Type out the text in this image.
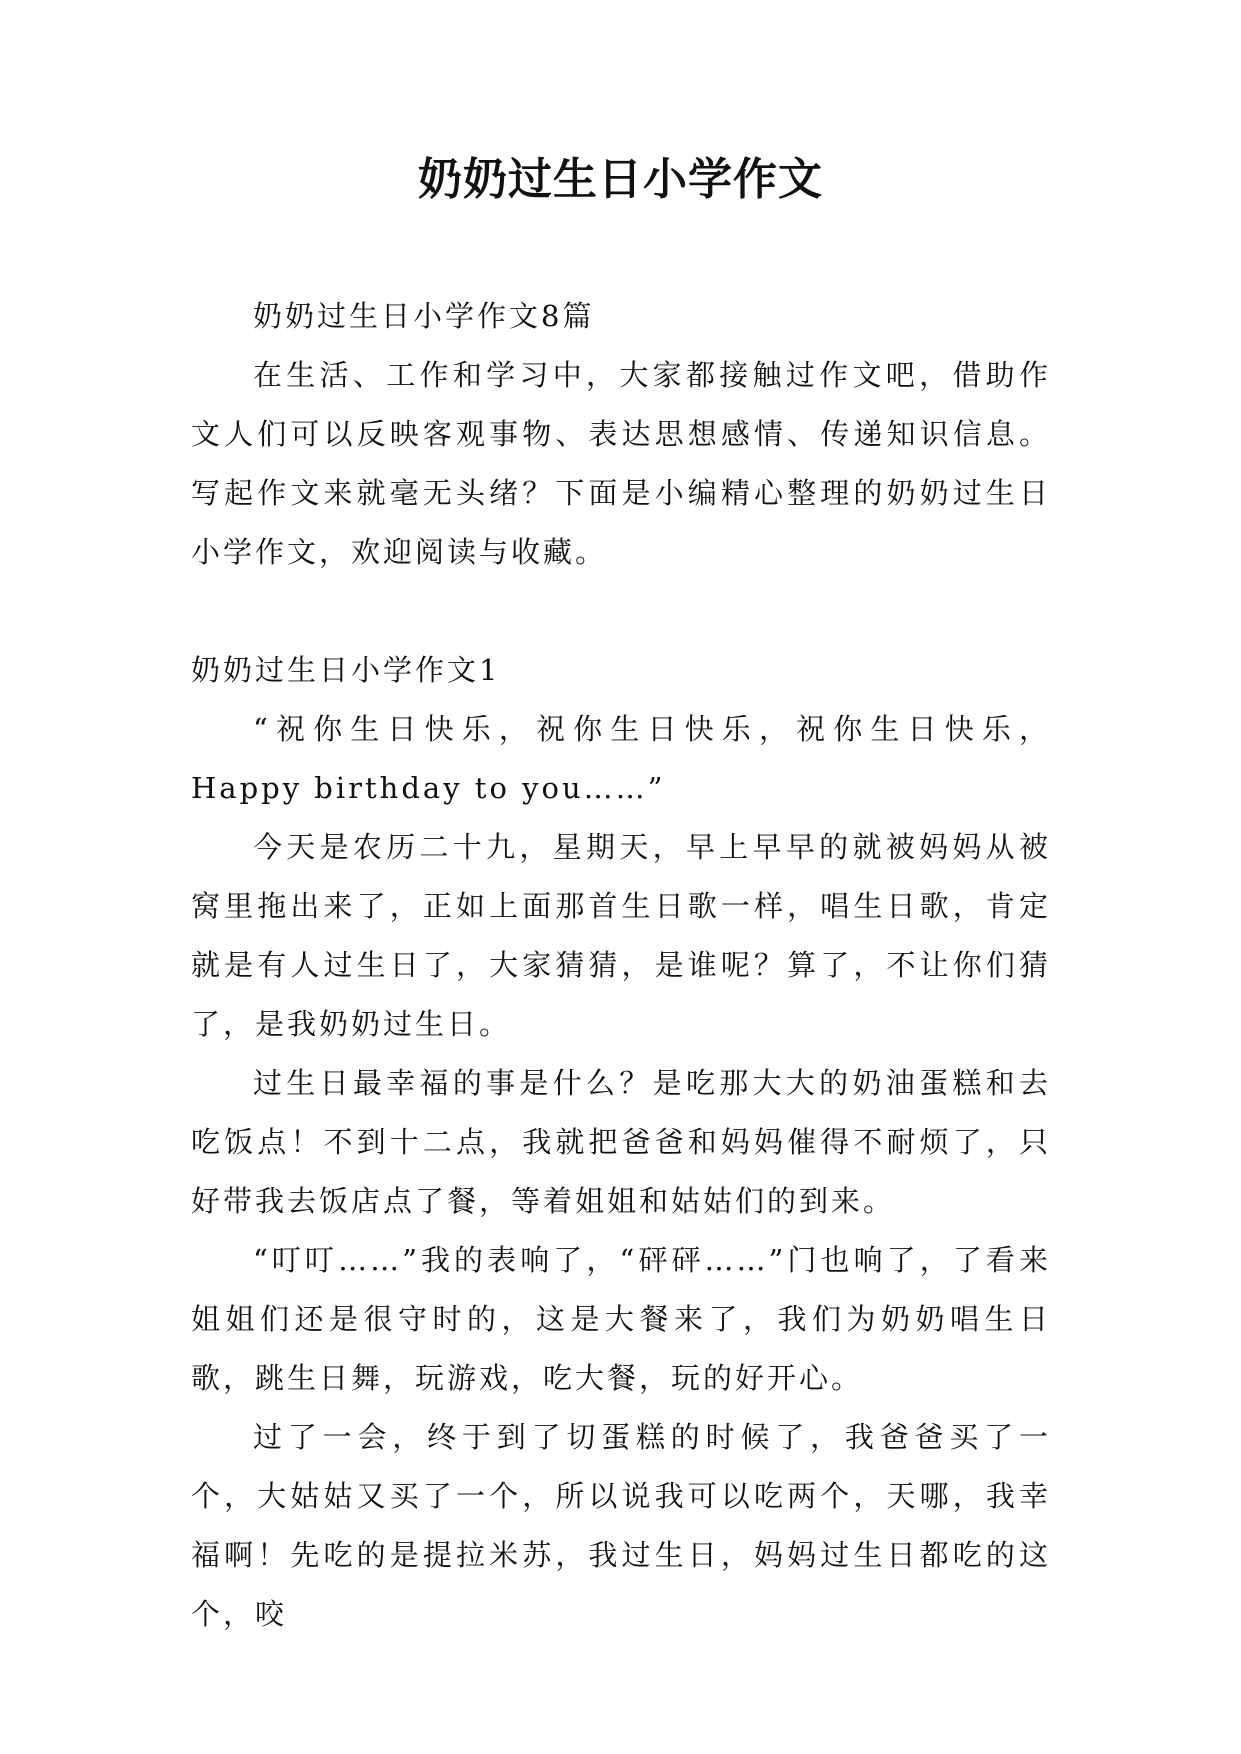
奶奶过生日小学作文

奶奶过生日小学作文8篇

在生活、工作和学习中，大家都接触过作文吧，借助作文人们可以反映客观事物、表达思想感情、传递知识信息。写起作文来就毫无头绪？下面是小编精心整理的奶奶过生日小学作文，欢迎阅读与收藏。

奶奶过生日小学作文1

“祝你生日快乐，祝你生日快乐，祝你生日快乐，Happy birthday to you……”

今天是农历二十九，星期天，早上早早的就被妈妈从被窝里拖出来了，正如上面那首生日歌一样，唱生日歌，肯定就是有人过生日了，大家猜猜，是谁呢？算了，不让你们猜了，是我奶奶过生日。

过生日最幸福的事是什么？是吃那大大的奶油蛋糕和去吃饭点！不到十二点，我就把爸爸和妈妈催得不耐烦了，只好带我去饭店点了餐，等着姐姐和姑姑们的到来。

“叮叮……”我的表响了，“砰砰……”门也响了，了看来姐姐们还是很守时的，这是大餐来了，我们为奶奶唱生日歌，跳生日舞，玩游戏，吃大餐，玩的好开心。

过了一会，终于到了切蛋糕的时候了，我爸爸买了一个，大姑姑又买了一个，所以说我可以吃两个，天哪，我幸福啊！先吃的是提拉米苏，我过生日，妈妈过生日都吃的这个，咬
